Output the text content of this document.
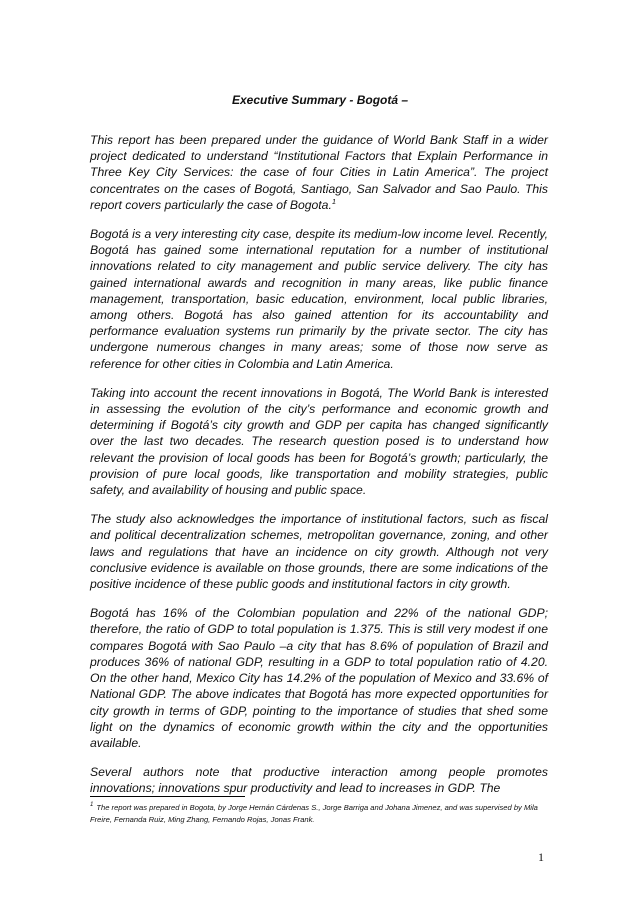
Executive Summary - Bogotá –

This report has been prepared under the guidance of World Bank Staff in a wider project dedicated to understand “Institutional Factors that Explain Performance in Three Key City Services: the case of four Cities in Latin America”. The project concentrates on the cases of Bogotá, Santiago, San Salvador and Sao Paulo. This report covers particularly the case of Bogota.$^1$

Bogotá is a very interesting city case, despite its medium-low income level. Recently, Bogotá has gained some international reputation for a number of institutional innovations related to city management and public service delivery. The city has gained international awards and recognition in many areas, like public finance management, transportation, basic education, environment, local public libraries, among others. Bogotá has also gained attention for its accountability and performance evaluation systems run primarily by the private sector. The city has undergone numerous changes in many areas; some of those now serve as reference for other cities in Colombia and Latin America.

Taking into account the recent innovations in Bogotá, The World Bank is interested in assessing the evolution of the city’s performance and economic growth and determining if Bogotá’s city growth and GDP per capita has changed significantly over the last two decades. The research question posed is to understand how relevant the provision of local goods has been for Bogotá’s growth; particularly, the provision of pure local goods, like transportation and mobility strategies, public safety, and availability of housing and public space.

The study also acknowledges the importance of institutional factors, such as fiscal and political decentralization schemes, metropolitan governance, zoning, and other laws and regulations that have an incidence on city growth. Although not very conclusive evidence is available on those grounds, there are some indications of the positive incidence of these public goods and institutional factors in city growth.

Bogotá has 16% of the Colombian population and 22% of the national GDP; therefore, the ratio of GDP to total population is 1.375. This is still very modest if one compares Bogotá with Sao Paulo –a city that has 8.6% of population of Brazil and produces 36% of national GDP, resulting in a GDP to total population ratio of 4.20. On the other hand, Mexico City has 14.2% of the population of Mexico and 33.6% of National GDP. The above indicates that Bogotá has more expected opportunities for city growth in terms of GDP, pointing to the importance of studies that shed some light on the dynamics of economic growth within the city and the opportunities available.

Several authors note that productive interaction among people promotes innovations; innovations spur productivity and lead to increases in GDP. The

$^1$ The report was prepared in Bogota, by Jorge Hernán Cárdenas S., Jorge Barriga and Johana Jimenez, and was supervised by Mila Freire, Fernanda Ruiz, Ming Zhang, Fernando Rojas, Jonas Frank.
1
